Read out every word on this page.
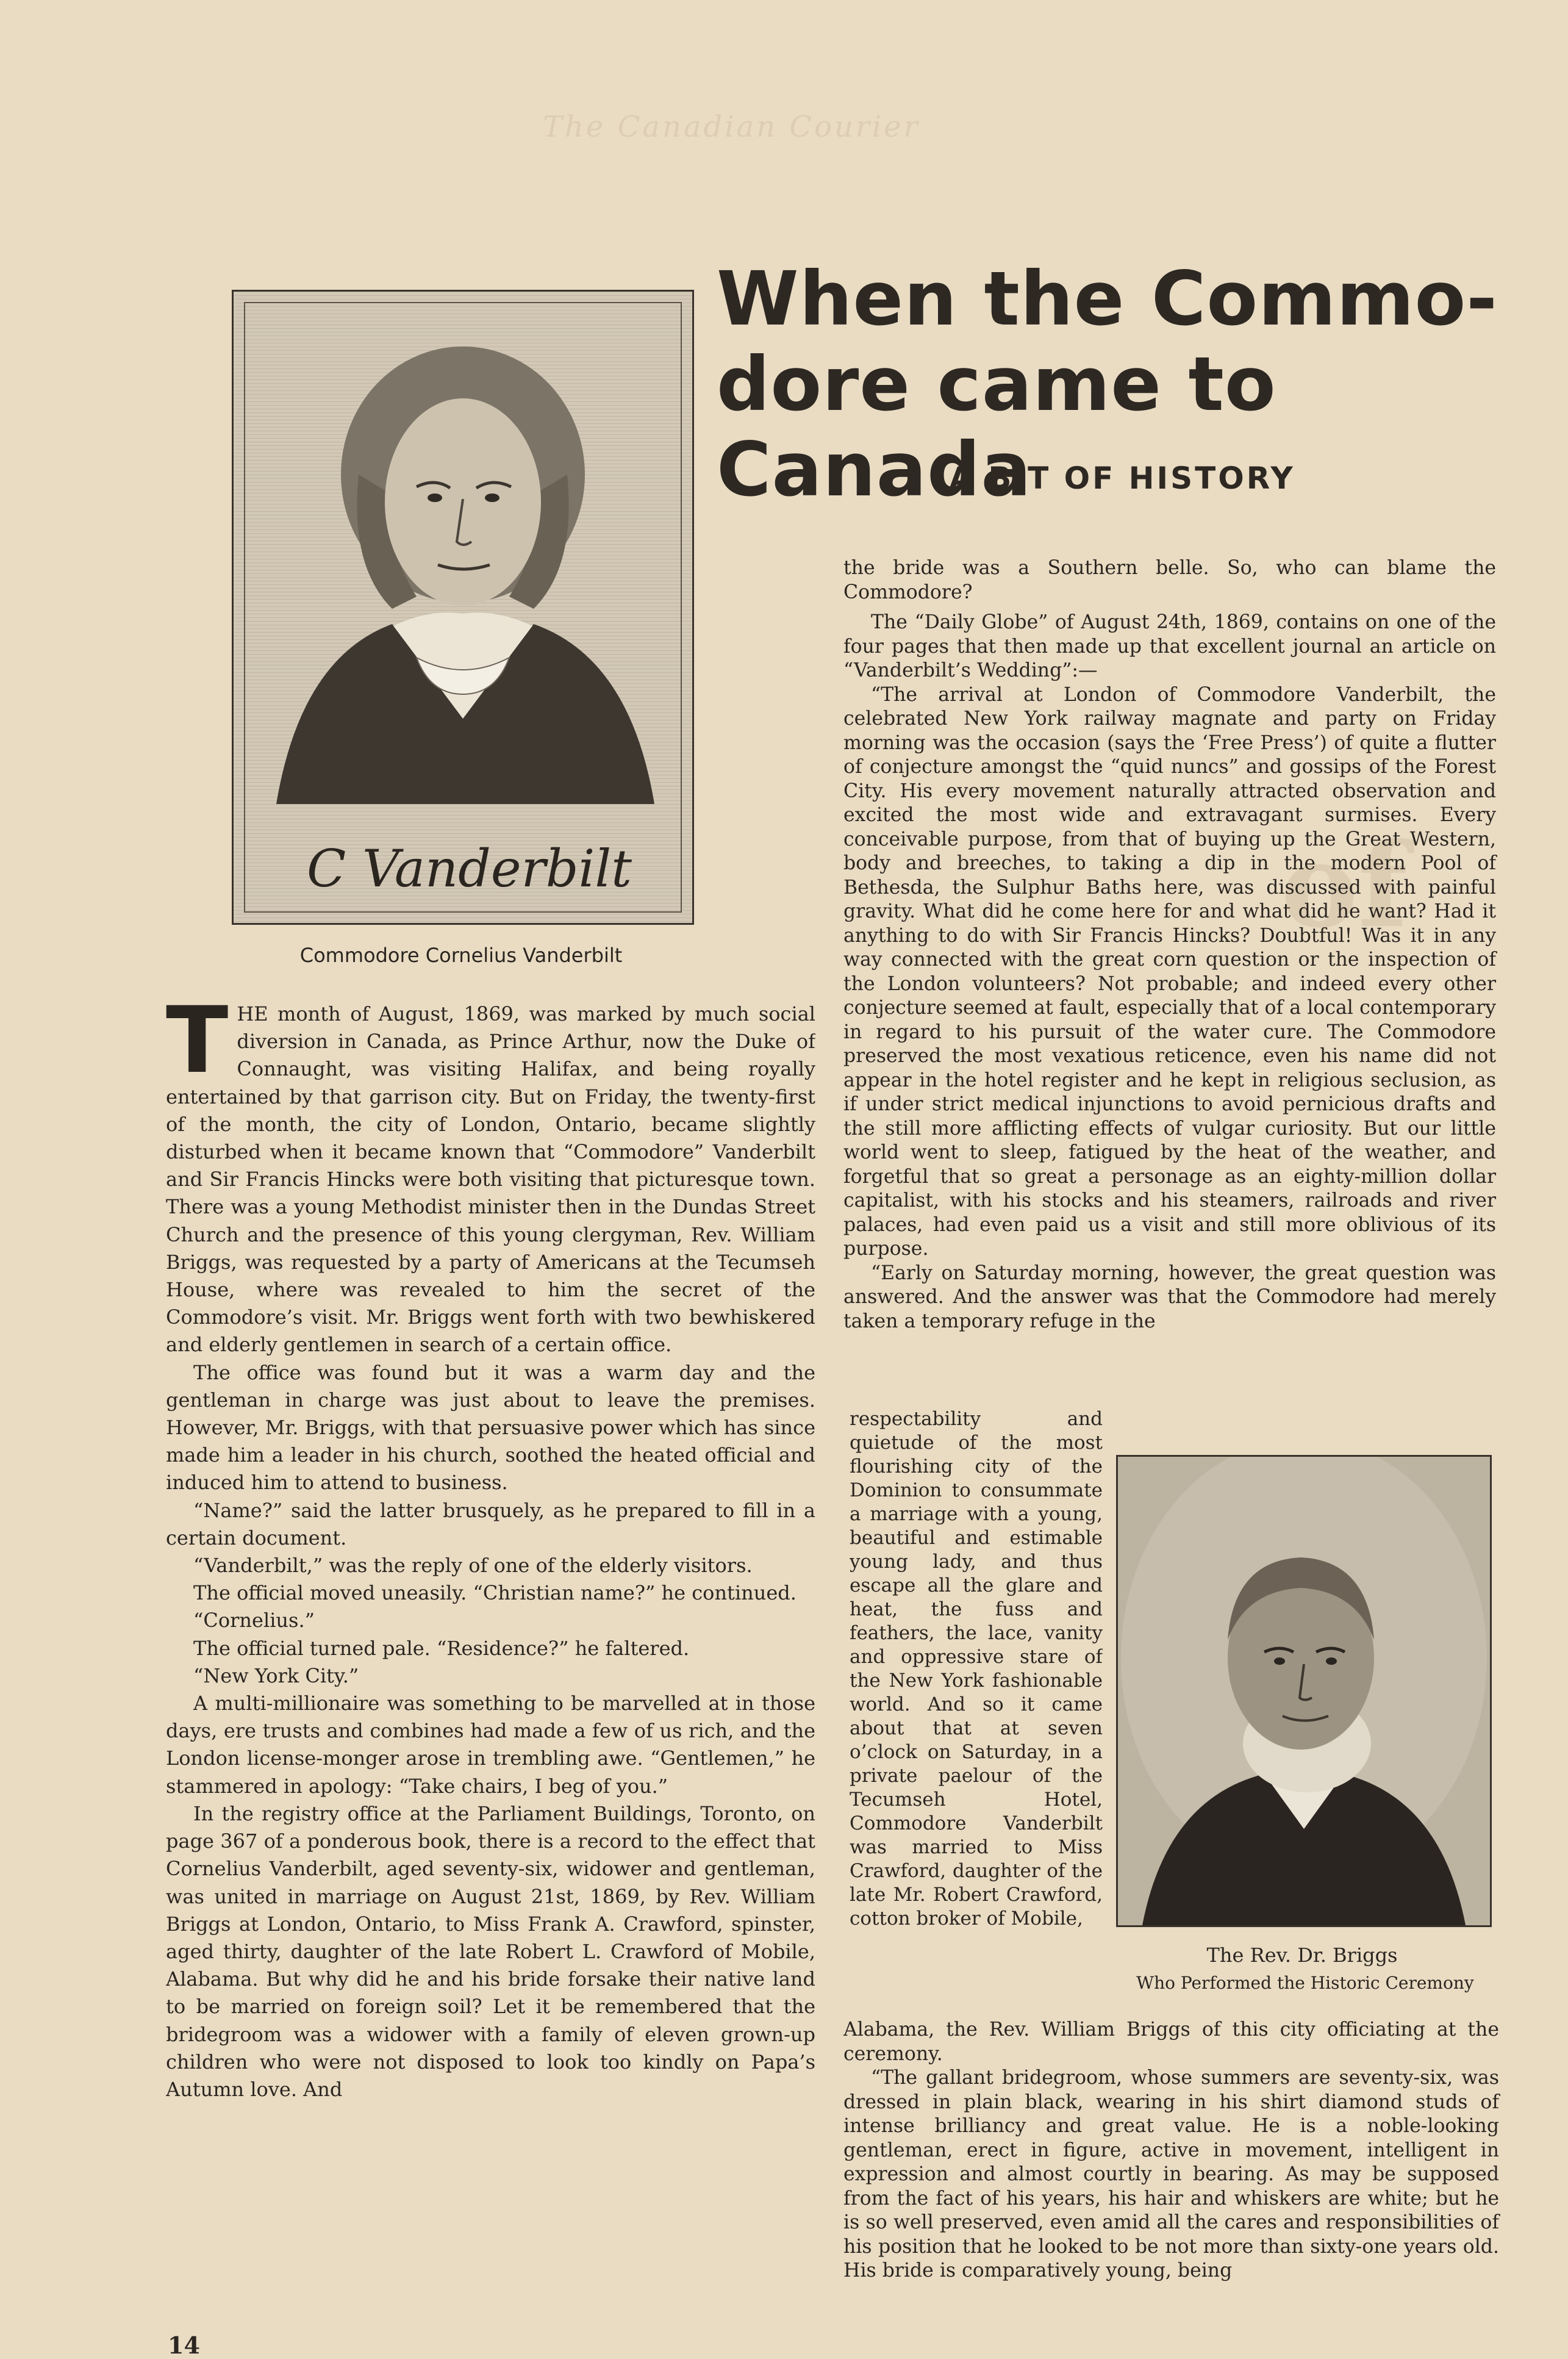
The Canadian Courier
of
C Vanderbilt
Commodore Cornelius Vanderbilt
When the Commo-
dore came to Canada
A BIT OF HISTORY

THE month of August, 1869, was marked by much social diversion in Canada, as Prince Arthur, now the Duke of Connaught, was visiting Halifax, and being royally entertained by that garrison city. But on Friday, the twenty-first of the month, the city of London, Ontario, became slightly disturbed when it became known that “Commodore” Vanderbilt and Sir Francis Hincks were both visiting that picturesque town. There was a young Methodist minister then in the Dundas Street Church and the presence of this young clergyman, Rev. William Briggs, was requested by a party of Americans at the Tecumseh House, where was revealed to him the secret of the Commodore’s visit. Mr. Briggs went forth with two bewhiskered and elderly gentlemen in search of a certain office.

The office was found but it was a warm day and the gentleman in charge was just about to leave the premises. However, Mr. Briggs, with that persuasive power which has since made him a leader in his church, soothed the heated official and induced him to attend to business.

“Name?” said the latter brusquely, as he prepared to fill in a certain document.

“Vanderbilt,” was the reply of one of the elderly visitors.

The official moved uneasily. “Christian name?” he continued.

“Cornelius.”

The official turned pale. “Residence?” he faltered.

“New York City.”

A multi-millionaire was something to be marvelled at in those days, ere trusts and combines had made a few of us rich, and the London license-monger arose in trembling awe. “Gentlemen,” he stammered in apology: “Take chairs, I beg of you.”

In the registry office at the Parliament Buildings, Toronto, on page 367 of a ponderous book, there is a record to the effect that Cornelius Vanderbilt, aged seventy-six, widower and gentleman, was united in marriage on August 21st, 1869, by Rev. William Briggs at London, Ontario, to Miss Frank A. Crawford, spinster, aged thirty, daughter of the late Robert L. Crawford of Mobile, Alabama. But why did he and his bride forsake their native land to be married on foreign soil? Let it be remembered that the bridegroom was a widower with a family of eleven grown-up children who were not disposed to look too kindly on Papa’s Autumn love. And

the bride was a Southern belle. So, who can blame the Commodore?

The “Daily Globe” of August 24th, 1869, contains on one of the four pages that then made up that excellent journal an article on “Vanderbilt’s Wedding”:—

“The arrival at London of Commodore Vanderbilt, the celebrated New York railway magnate and party on Friday morning was the occasion (says the ‘Free Press’) of quite a flutter of conjecture amongst the “quid nuncs” and gossips of the Forest City. His every movement naturally attracted observation and excited the most wide and extravagant surmises. Every conceivable purpose, from that of buying up the Great Western, body and breeches, to taking a dip in the modern Pool of Bethesda, the Sulphur Baths here, was discussed with painful gravity. What did he come here for and what did he want? Had it anything to do with Sir Francis Hincks? Doubtful! Was it in any way connected with the great corn question or the inspection of the London volunteers? Not probable; and indeed every other conjecture seemed at fault, especially that of a local contemporary in regard to his pursuit of the water cure. The Commodore preserved the most vexatious reticence, even his name did not appear in the hotel register and he kept in religious seclusion, as if under strict medical injunctions to avoid pernicious drafts and the still more afflicting effects of vulgar curiosity. But our little world went to sleep, fatigued by the heat of the weather, and forgetful that so great a personage as an eighty-million dollar capitalist, with his stocks and his steamers, railroads and river palaces, had even paid us a visit and still more oblivious of its purpose.

“Early on Saturday morning, however, the great question was answered. And the answer was that the Commodore had merely taken a temporary refuge in the

respectability and quietude of the most flourishing city of the Dominion to consummate a marriage with a young, beautiful and estimable young lady, and thus escape all the glare and heat, the fuss and feathers, the lace, vanity and oppressive stare of the New York fashionable world. And so it came about that at seven o’clock on Saturday, in a private paelour of the Tecumseh Hotel, Commodore Vanderbilt was married to Miss Crawford, daughter of the late Mr. Robert Crawford, cotton broker of Mobile,

The Rev. Dr. Briggs
Who Performed the Historic Ceremony

Alabama, the Rev. William Briggs of this city officiating at the ceremony.

“The gallant bridegroom, whose summers are seventy-six, was dressed in plain black, wearing in his shirt diamond studs of intense brilliancy and great value. He is a noble-looking gentleman, erect in figure, active in movement, intelligent in expression and almost courtly in bearing. As may be supposed from the fact of his years, his hair and whiskers are white; but he is so well preserved, even amid all the cares and responsibilities of his position that he looked to be not more than sixty-one years old. His bride is comparatively young, being

14
